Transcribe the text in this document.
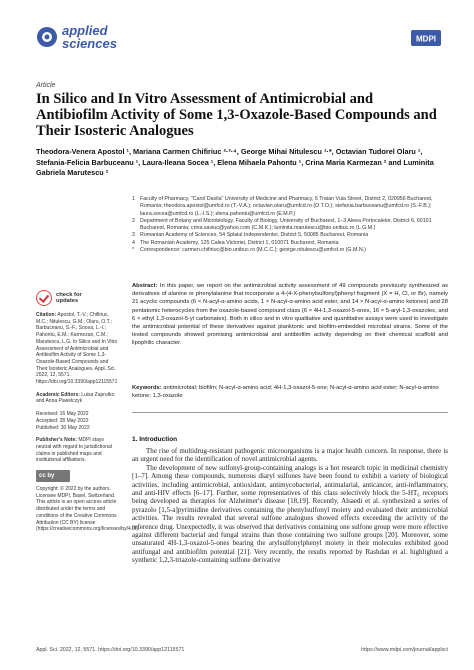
applied
sciences	MDPI
Article
In Silico and In Vitro Assessment of Antimicrobial and Antibiofilm Activity of Some 1,3-Oxazole-Based Compounds and Their Isosteric Analogues
Theodora-Venera Apostol ¹, Mariana Carmen Chifiriuc ²·³·⁴, George Mihai Nitulescu ¹·*, Octavian Tudorel Olaru ¹, Stefania-Felicia Barbuceanu ¹, Laura-Ileana Socea ¹, Elena Mihaela Pahontu ¹, Crina Maria Karmezan ² and Luminita Gabriela Marutescu ²
1 Faculty of Pharmacy, "Carol Davila" University of Medicine and Pharmacy, 6 Traian Vuia Street, District 2, 020956 Bucharest, Romania; theodora.apostol@umfcd.ro (T.-V.A.); octavian.olaru@umfcd.ro (O.T.O.); stefania.barbuceanu@umfcd.ro (S.-F.B.); laura.socea@umfcd.ro (L.-I.S.); elena.pahontu@umfcd.ro (E.M.P.)
2 Department of Botany and Microbiology, Faculty of Biology, University of Bucharest, 1–3 Aleea Portocalelor, District 6, 60101 Bucharest, Romania; crina.saviuc@yahoo.com (C.M.K.); luminita.marutescu@bio.unibuc.ro (L.G.M.)
3 Romanian Academy of Sciences, 54 Splaiul Independentei, District 5, 50085 Bucharest, Romania
4 The Romanian Academy, 125 Calea Victoriei, District 1, 010071 Bucharest, Romania
*	Correspondence: carmen.chifiriuc@bio.unibuc.ro (M.C.C.); george.nitulescu@umfcd.ro (G.M.N.)
check for
updates

Citation: Apostol, T.-V.; Chifiriuc, M.C.; Nitulescu, G.M.; Olaru, O.T.; Barbuceanu, S.-F.; Socea, L.-I.; Pahontu, E.M.; Karmezan, C.M.; Marutescu, L.G. In Silico and In Vitro Assessment of Antimicrobial and Antibiofilm Activity of Some 1,3-Oxazole-Based Compounds and Their Isosteric Analogues. Appl. Sci. 2022, 12, 5571. https://doi.org/10.3390/app12115571

Academic Editors: Luisa Zaprutko and Anna Pawelczyk

Received: 16 May 2022
Accepted: 28 May 2022
Published: 30 May 2022

Publisher's Note: MDPI stays neutral with regard to jurisdictional claims in published maps and institutional affiliations.

cc by

Copyright: © 2022 by the authors. Licensee MDPI, Basel, Switzerland. This article is an open access article distributed under the terms and conditions of the Creative Commons Attribution (CC BY) license (https://creativecommons.org/licenses/by/4.0/).

Abstract: In this paper, we report on the antimicrobial activity assessment of 49 compounds previously synthesized as derivatives of alanine or phenylalanine that incorporate a 4-(4-X-phenylsulfonyl)phenyl fragment (X = H, Cl, or Br), namely 21 acyclic compounds (6 × N-acyl-α-amino acids, 1 × N-acyl-α-amino acid ester, and 14 × N-acyl-α-amino ketones) and 28 pentatomic heterocycles from the oxazole-based compound class (6 × 4H-1,3-oxazol-5-ones, 16 × 5-aryl-1,3-oxazoles, and 6 × ethyl 1,3-oxazol-5-yl carbonates). Both in silico and in vitro qualitative and quantitative assays were used to investigate the antimicrobial potential of these derivatives against planktonic and biofilm-embedded microbial strains. Some of the tested compounds showed promising antimicrobial and antibiofilm activity depending on their chemical scaffold and lipophilic character.
Keywords: antimicrobial; biofilm; N-acyl-α-amino acid; 4H-1,3-oxazol-5-one; N-acyl-α-amino acid ester; N-acyl-α-amino ketone; 1,3-oxazole
1. Introduction

The rise of multidrug-resistant pathogenic microorganisms is a major health concern. In response, there is an urgent need for the identification of novel antimicrobial agents.

The development of new sulfonyl-group-containing analogs is a hot research topic in medicinal chemistry [1–7]. Among these compounds, numerous diaryl sulfones have been found to exhibit a variety of biological activities, including antimicrobial, antioxidant, antimycobacterial, antimalarial, anticancer, anti-inflammatory, and anti-HIV effects [6–17]. Further, some representatives of this class selectively block the 5-HT₆ receptors being developed as therapies for Alzheimer's disease [18,19]. Recently, Alsaedi et al. synthesized a series of pyrazolo [1,5-a]pyrimidine derivatives containing the phenylsulfonyl moiety and evaluated their antimicrobial activities. The results revealed that several sulfone analogues showed effects exceeding the activity of the reference drug. Unexpectedly, it was observed that derivatives containing one sulfone group were more effective against different bacterial and fungal strains than those containing two sulfone groups [20]. Moreover, some unsaturated 4H-1,3-oxazol-5-ones bearing the arylsulfonylphenyl moiety in their molecules exhibited good antifungal and antibiofilm potential [21]. Very recently, the results reported by Rashdan et al. highlighted a synthetic 1,2,3-triazole-containing sulfone derivative

Appl. Sci. 2022, 12, 5571. https://doi.org/10.3390/app12115571	https://www.mdpi.com/journal/applsci
